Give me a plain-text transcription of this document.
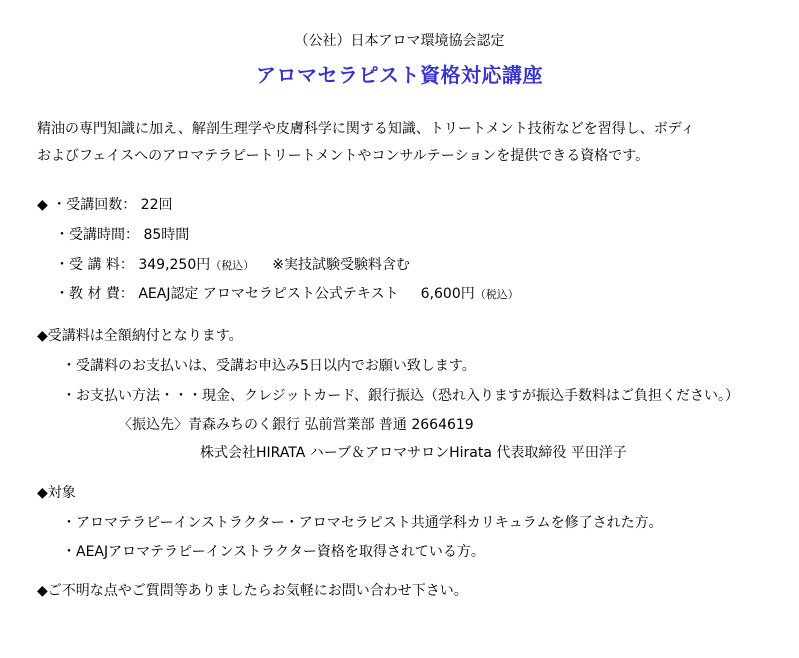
（公社）日本アロマ環境協会認定
アロマセラピスト資格対応講座
精油の専門知識に加え、解剖生理学や皮膚科学に関する知識、トリートメント技術などを習得し、ボディ
およびフェイスへのアロマテラピートリートメントやコンサルテーションを提供できる資格です。
◆ ・受講回数： 22回
・受講時間： 85時間
・受 講 料： 349,250円（税込） ※実技試験受験料含む
・教 材 費： AEAJ認定 アロマセラピスト公式テキスト 6,600円（税込）
◆受講料は全額納付となります。
・受講料のお支払いは、受講お申込み5日以内でお願い致します。
・お支払い方法・・・現金、クレジットカード、銀行振込（恐れ入りますが振込手数料はご負担ください。）
〈振込先〉青森みちのく銀行 弘前営業部 普通 2664619
株式会社HIRATA ハーブ＆アロマサロンHirata 代表取締役 平田洋子
◆対象
・アロマテラピーインストラクター・アロマセラピスト共通学科カリキュラムを修了された方。
・AEAJアロマテラピーインストラクター資格を取得されている方。
◆ご不明な点やご質問等ありましたらお気軽にお問い合わせ下さい。
